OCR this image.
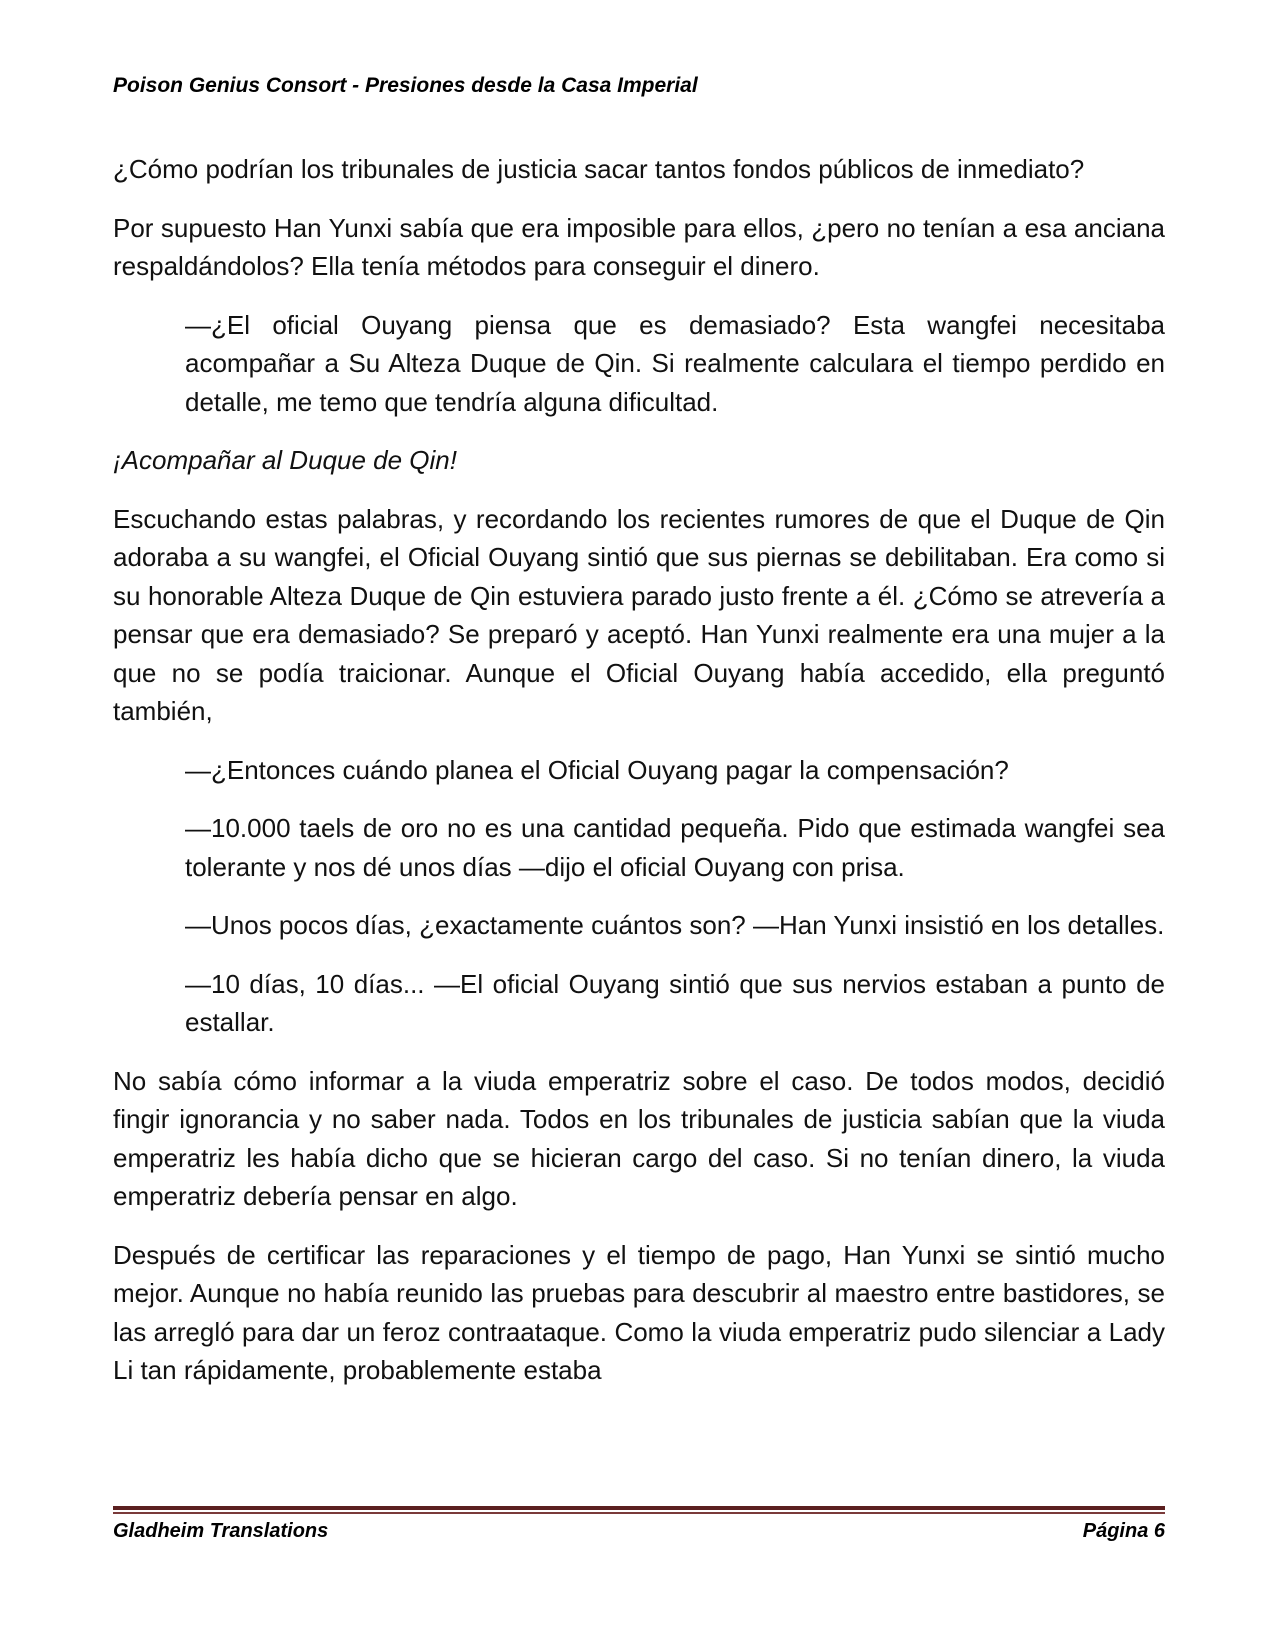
Poison Genius Consort - Presiones desde la Casa Imperial

¿Cómo podrían los tribunales de justicia sacar tantos fondos públicos de inmediato?

Por supuesto Han Yunxi sabía que era imposible para ellos, ¿pero no tenían a esa anciana respaldándolos? Ella tenía métodos para conseguir el dinero.

—¿El oficial Ouyang piensa que es demasiado? Esta wangfei necesitaba acompañar a Su Alteza Duque de Qin. Si realmente calculara el tiempo perdido en detalle, me temo que tendría alguna dificultad.

¡Acompañar al Duque de Qin!

Escuchando estas palabras, y recordando los recientes rumores de que el Duque de Qin adoraba a su wangfei, el Oficial Ouyang sintió que sus piernas se debilitaban. Era como si su honorable Alteza Duque de Qin estuviera parado justo frente a él. ¿Cómo se atrevería a pensar que era demasiado? Se preparó y aceptó. Han Yunxi realmente era una mujer a la que no se podía traicionar. Aunque el Oficial Ouyang había accedido, ella preguntó también,

—¿Entonces cuándo planea el Oficial Ouyang pagar la compensación?

—10.000 taels de oro no es una cantidad pequeña. Pido que estimada wangfei sea tolerante y nos dé unos días —dijo el oficial Ouyang con prisa.

—Unos pocos días, ¿exactamente cuántos son? —Han Yunxi insistió en los detalles.

—10 días, 10 días... —El oficial Ouyang sintió que sus nervios estaban a punto de estallar.

No sabía cómo informar a la viuda emperatriz sobre el caso. De todos modos, decidió fingir ignorancia y no saber nada. Todos en los tribunales de justicia sabían que la viuda emperatriz les había dicho que se hicieran cargo del caso. Si no tenían dinero, la viuda emperatriz debería pensar en algo.

Después de certificar las reparaciones y el tiempo de pago, Han Yunxi se sintió mucho mejor. Aunque no había reunido las pruebas para descubrir al maestro entre bastidores, se las arregló para dar un feroz contraataque. Como la viuda emperatriz pudo silenciar a Lady Li tan rápidamente, probablemente estaba

Gladheim Translations	Página 6
